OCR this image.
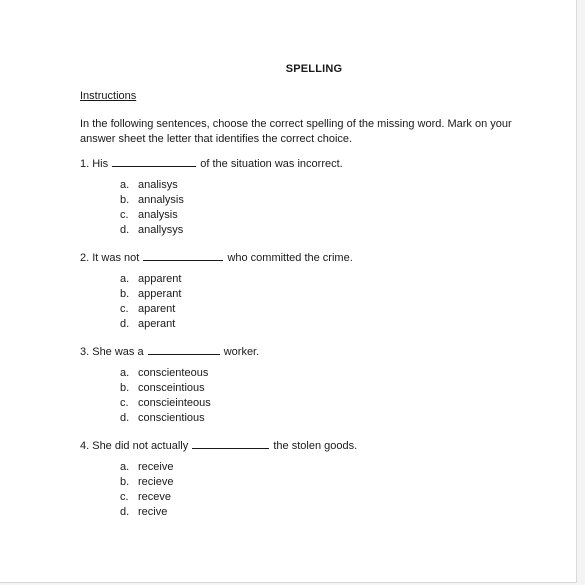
SPELLING
Instructions
In the following sentences, choose the correct spelling of the missing word. Mark on your answer sheet the letter that identifies the correct choice.
1. His	of the situation was incorrect.
a. analisys
b. annalysis
c. analysis
d. anallysys
2. It was not	who committed the crime.
a. apparent
b. apperant
c. aparent
d. aperant
3. She was a	worker.
a. conscienteous
b. consceintious
c. conscieinteous
d. conscientious
4. She did not actually	the stolen goods.
a. receive
b. recieve
c. receve
d. recive
